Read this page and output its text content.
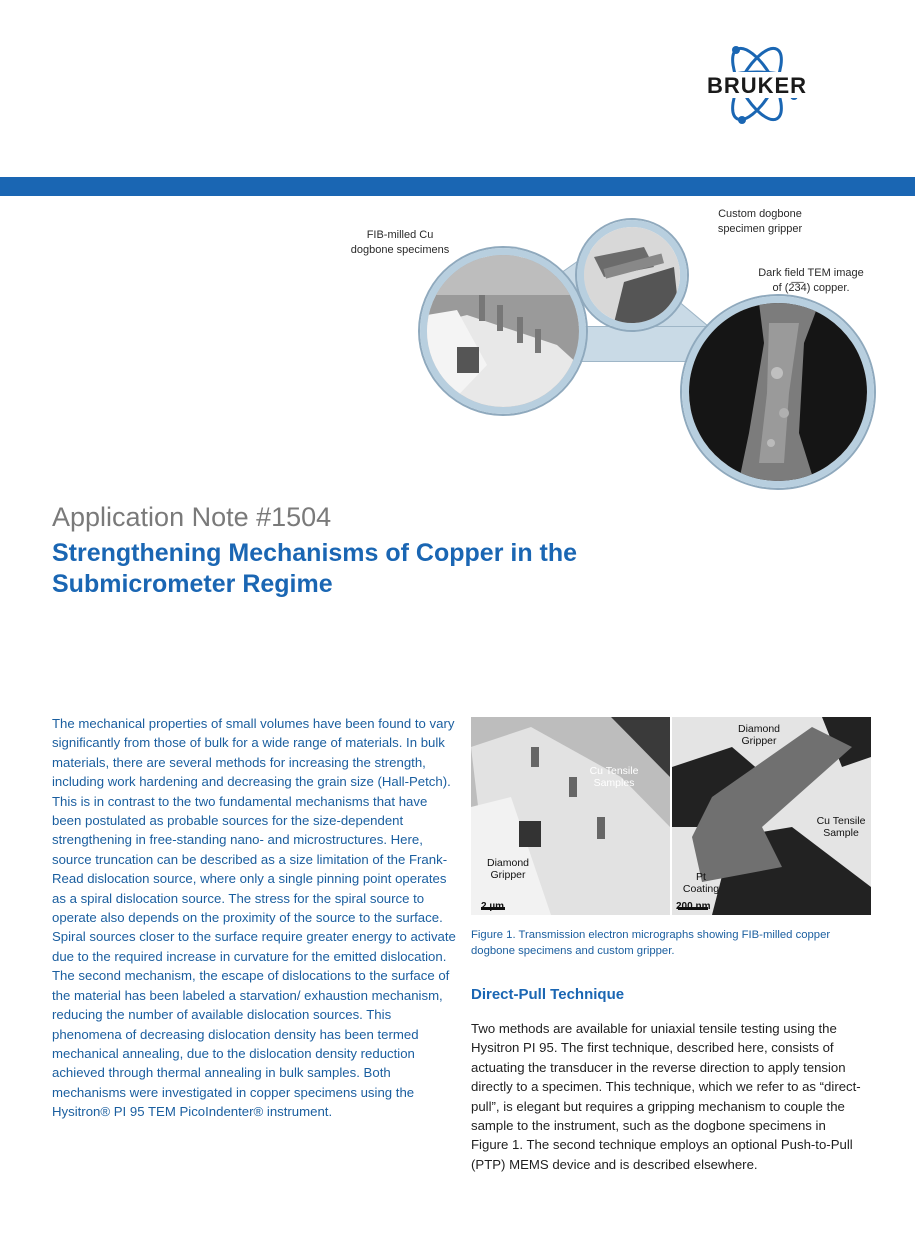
BRUKER
FIB-milled Cu
dogbone specimens
Custom dogbone
specimen gripper
Dark field TEM image
of (2̅3̅4) copper.
Application Note #1504
Strengthening Mechanisms of Copper in the Submicrometer Regime
The mechanical properties of small volumes have been found to vary significantly from those of bulk for a wide range of materials. In bulk materials, there are several methods for increasing the strength, including work hardening and decreasing the grain size (Hall-Petch). This is in contrast to the two fundamental mechanisms that have been postulated as probable sources for the size-dependent strengthening in free-standing nano- and microstructures. Here, source truncation can be described as a size limitation of the Frank-Read dislocation source, where only a single pinning point operates as a spiral dislocation source. The stress for the spiral source to operate also depends on the proximity of the source to the surface. Spiral sources closer to the surface require greater energy to activate due to the required increase in curvature for the emitted dislocation. The second mechanism, the escape of dislocations to the surface of the material has been labeled a starvation/ exhaustion mechanism, reducing the number of available dislocation sources. This phenomena of decreasing dislocation density has been termed mechanical annealing, due to the dislocation density reduction achieved through thermal annealing in bulk samples. Both mechanisms were investigated in copper specimens using the Hysitron® PI 95 TEM PicoIndenter® instrument.
Cu Tensile
Samples
Diamond
Gripper
2 µm
Diamond
Gripper
Cu Tensile
Sample
Pt
Coating
200 nm
Figure 1. Transmission electron micrographs showing FIB-milled copper dogbone specimens and custom gripper.
Direct-Pull Technique
Two methods are available for uniaxial tensile testing using the Hysitron PI 95. The first technique, described here, consists of actuating the transducer in the reverse direction to apply tension directly to a specimen. This technique, which we refer to as “direct-pull”, is elegant but requires a gripping mechanism to couple the sample to the instrument, such as the dogbone specimens in Figure 1. The second technique employs an optional Push-to-Pull (PTP) MEMS device and is described elsewhere.
